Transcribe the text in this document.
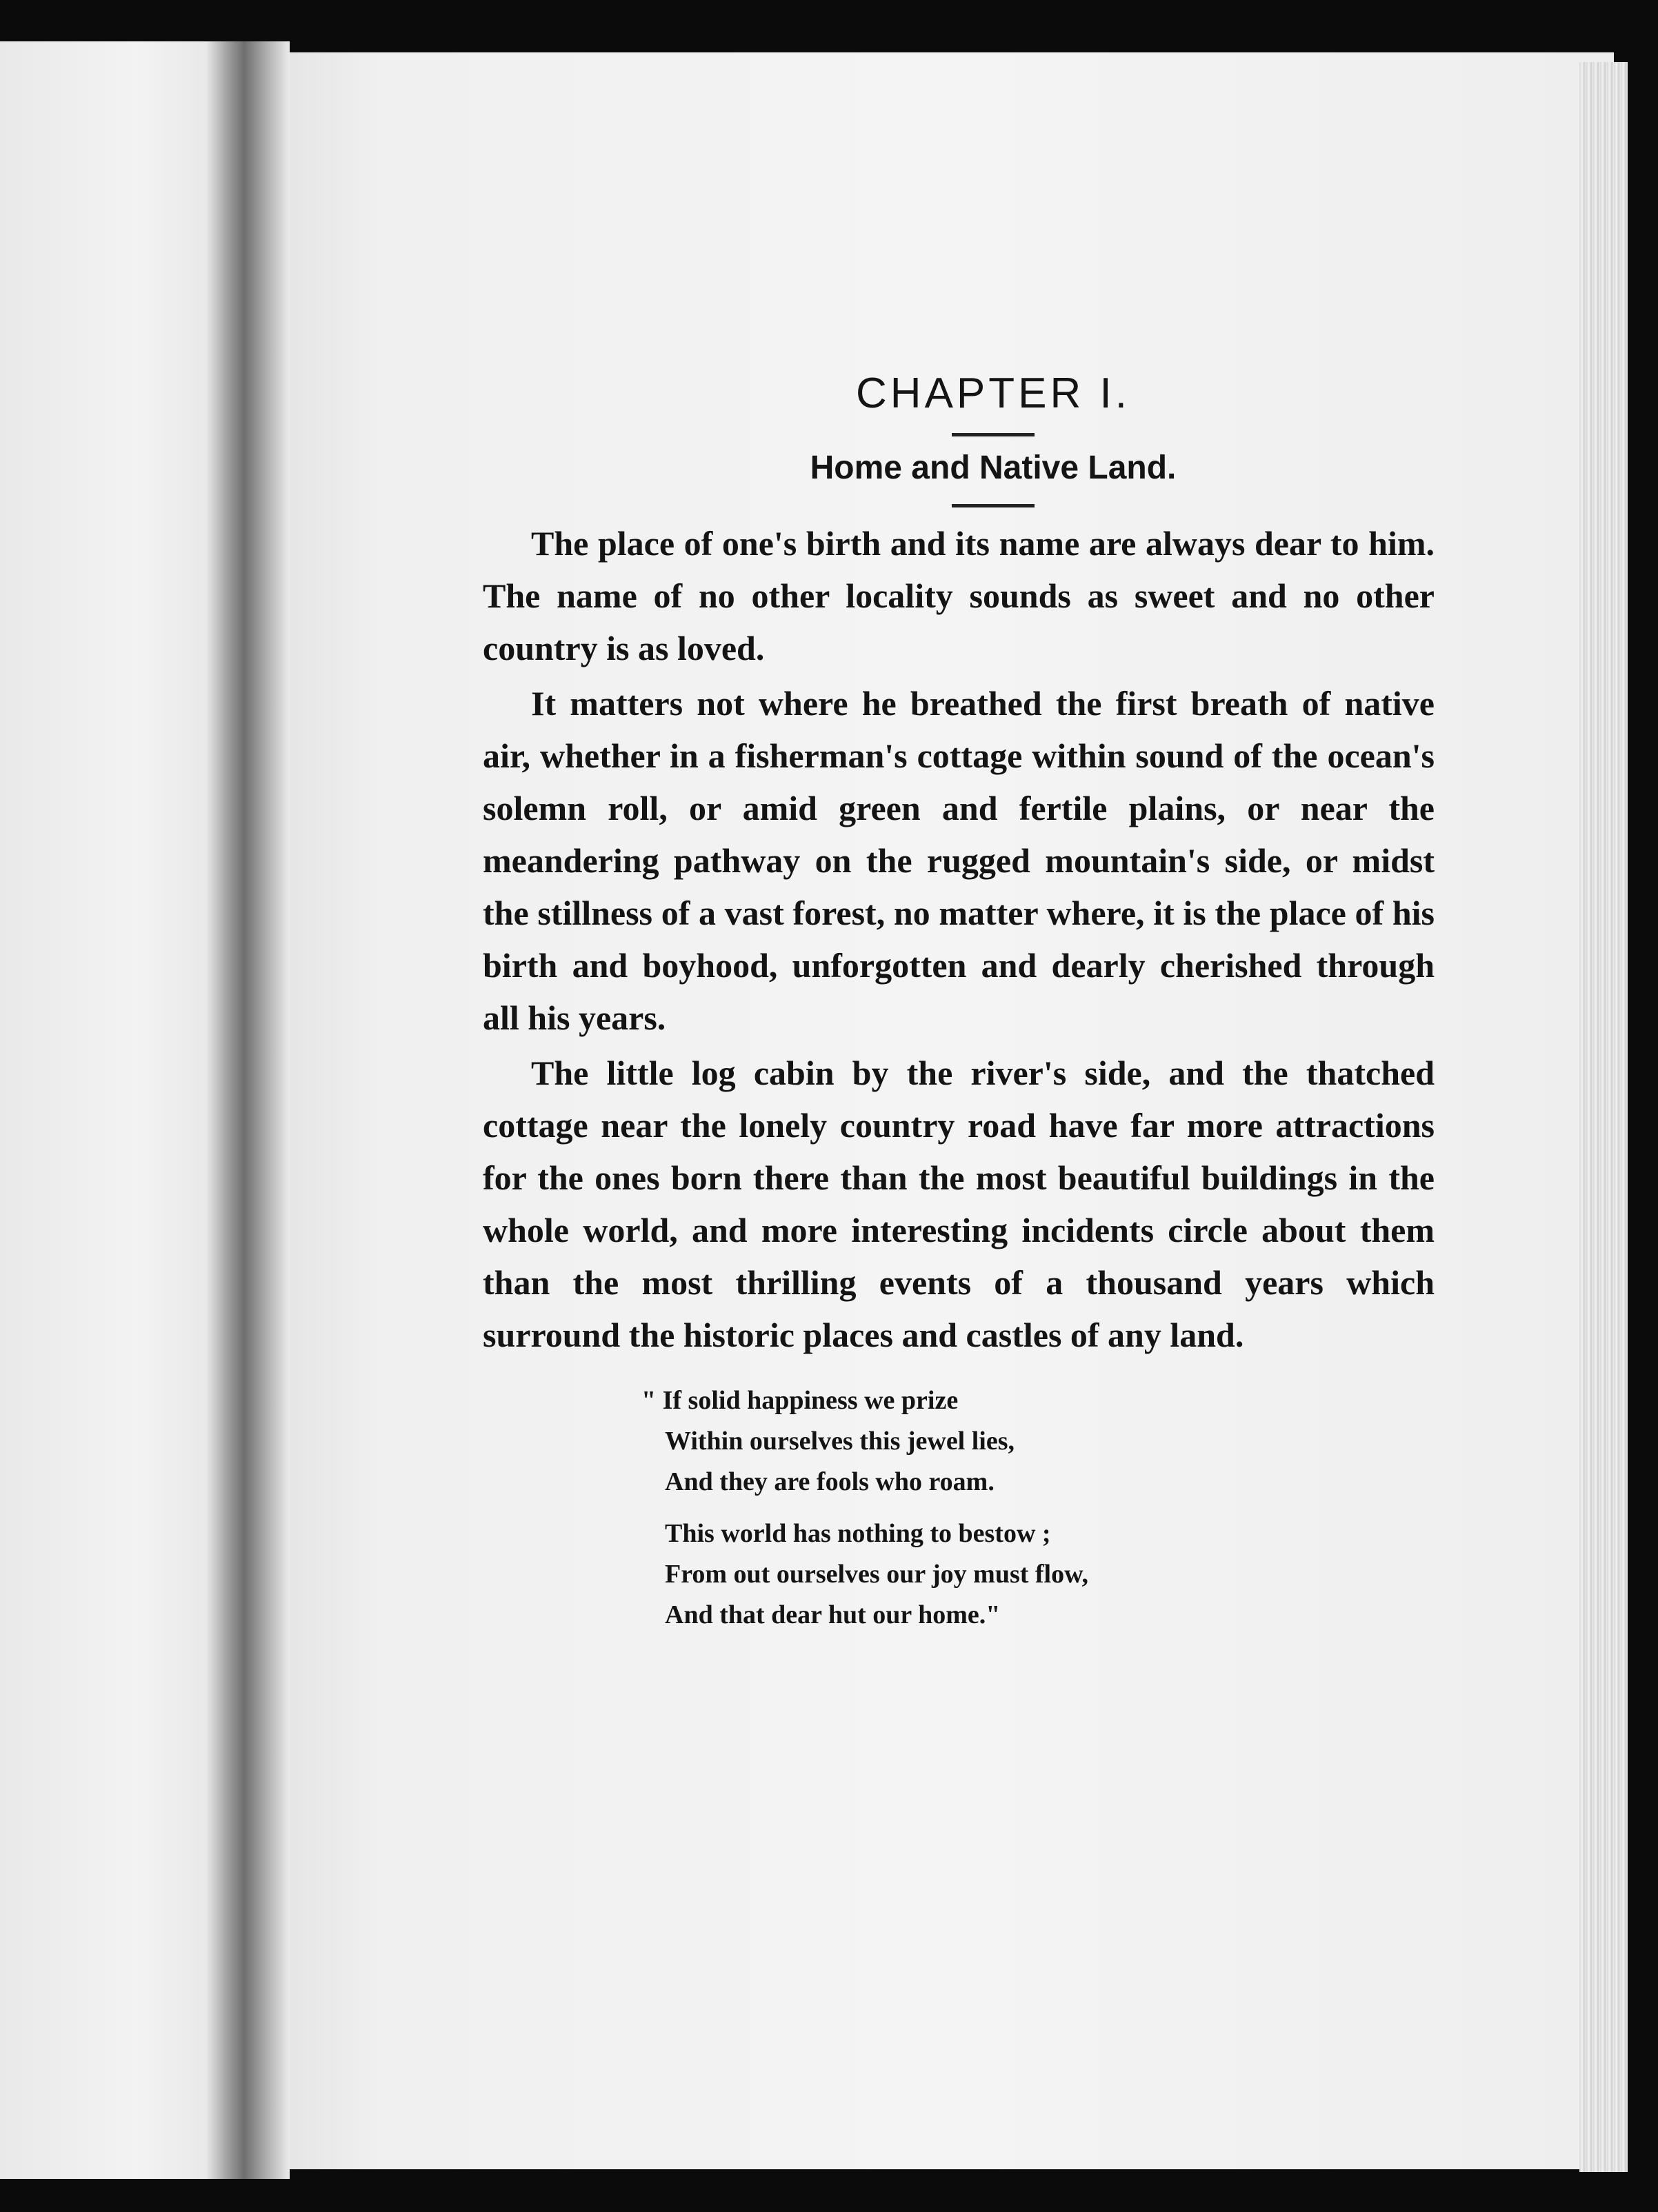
CHAPTER I.
Home and Native Land.

The place of one's birth and its name are always dear to him. The name of no other locality sounds as sweet and no other country is as loved.

It matters not where he breathed the first breath of native air, whether in a fisherman's cottage within sound of the ocean's solemn roll, or amid green and fertile plains, or near the meandering pathway on the rugged mountain's side, or midst the stillness of a vast forest, no matter where, it is the place of his birth and boyhood, unforgotten and dearly cherished through all his years.

The little log cabin by the river's side, and the thatched cottage near the lonely country road have far more attractions for the ones born there than the most beautiful buildings in the whole world, and more interesting incidents circle about them than the most thrilling events of a thousand years which surround the historic places and castles of any land.

" If solid happiness we prize
Within ourselves this jewel lies,
And they are fools who roam.
This world has nothing to bestow ;
From out ourselves our joy must flow,
And that dear hut our home."
